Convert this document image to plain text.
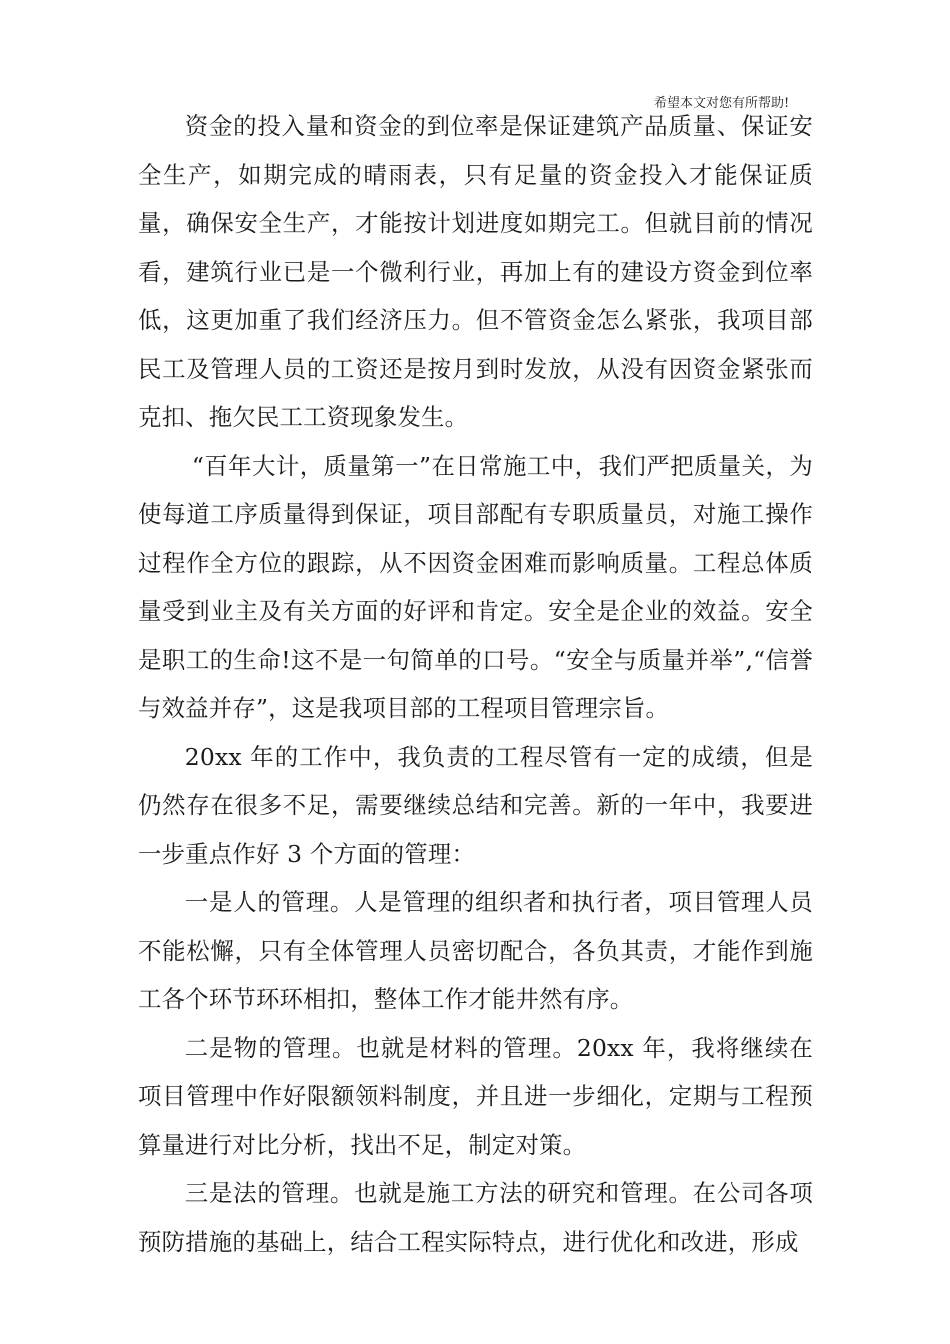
希望本文对您有所帮助!

资金的投入量和资金的到位率是保证建筑产品质量、保证安全生产，如期完成的晴雨表，只有足量的资金投入才能保证质量，确保安全生产，才能按计划进度如期完工。但就目前的情况看，建筑行业已是一个微利行业，再加上有的建设方资金到位率低，这更加重了我们经济压力。但不管资金怎么紧张，我项目部民工及管理人员的工资还是按月到时发放，从没有因资金紧张而克扣、拖欠民工工资现象发生。

“百年大计，质量第一”在日常施工中，我们严把质量关，为使每道工序质量得到保证，项目部配有专职质量员，对施工操作过程作全方位的跟踪，从不因资金困难而影响质量。工程总体质量受到业主及有关方面的好评和肯定。安全是企业的效益。安全是职工的生命!这不是一句简单的口号。“安全与质量并举”,“信誉与效益并存”，这是我项目部的工程项目管理宗旨。

20xx 年的工作中，我负责的工程尽管有一定的成绩，但是仍然存在很多不足，需要继续总结和完善。新的一年中，我要进一步重点作好 3 个方面的管理：

一是人的管理。人是管理的组织者和执行者，项目管理人员不能松懈，只有全体管理人员密切配合，各负其责，才能作到施工各个环节环环相扣，整体工作才能井然有序。

二是物的管理。也就是材料的管理。20xx 年，我将继续在项目管理中作好限额领料制度，并且进一步细化，定期与工程预算量进行对比分析，找出不足，制定对策。

三是法的管理。也就是施工方法的研究和管理。在公司各项预防措施的基础上，结合工程实际特点，进行优化和改进，形成
